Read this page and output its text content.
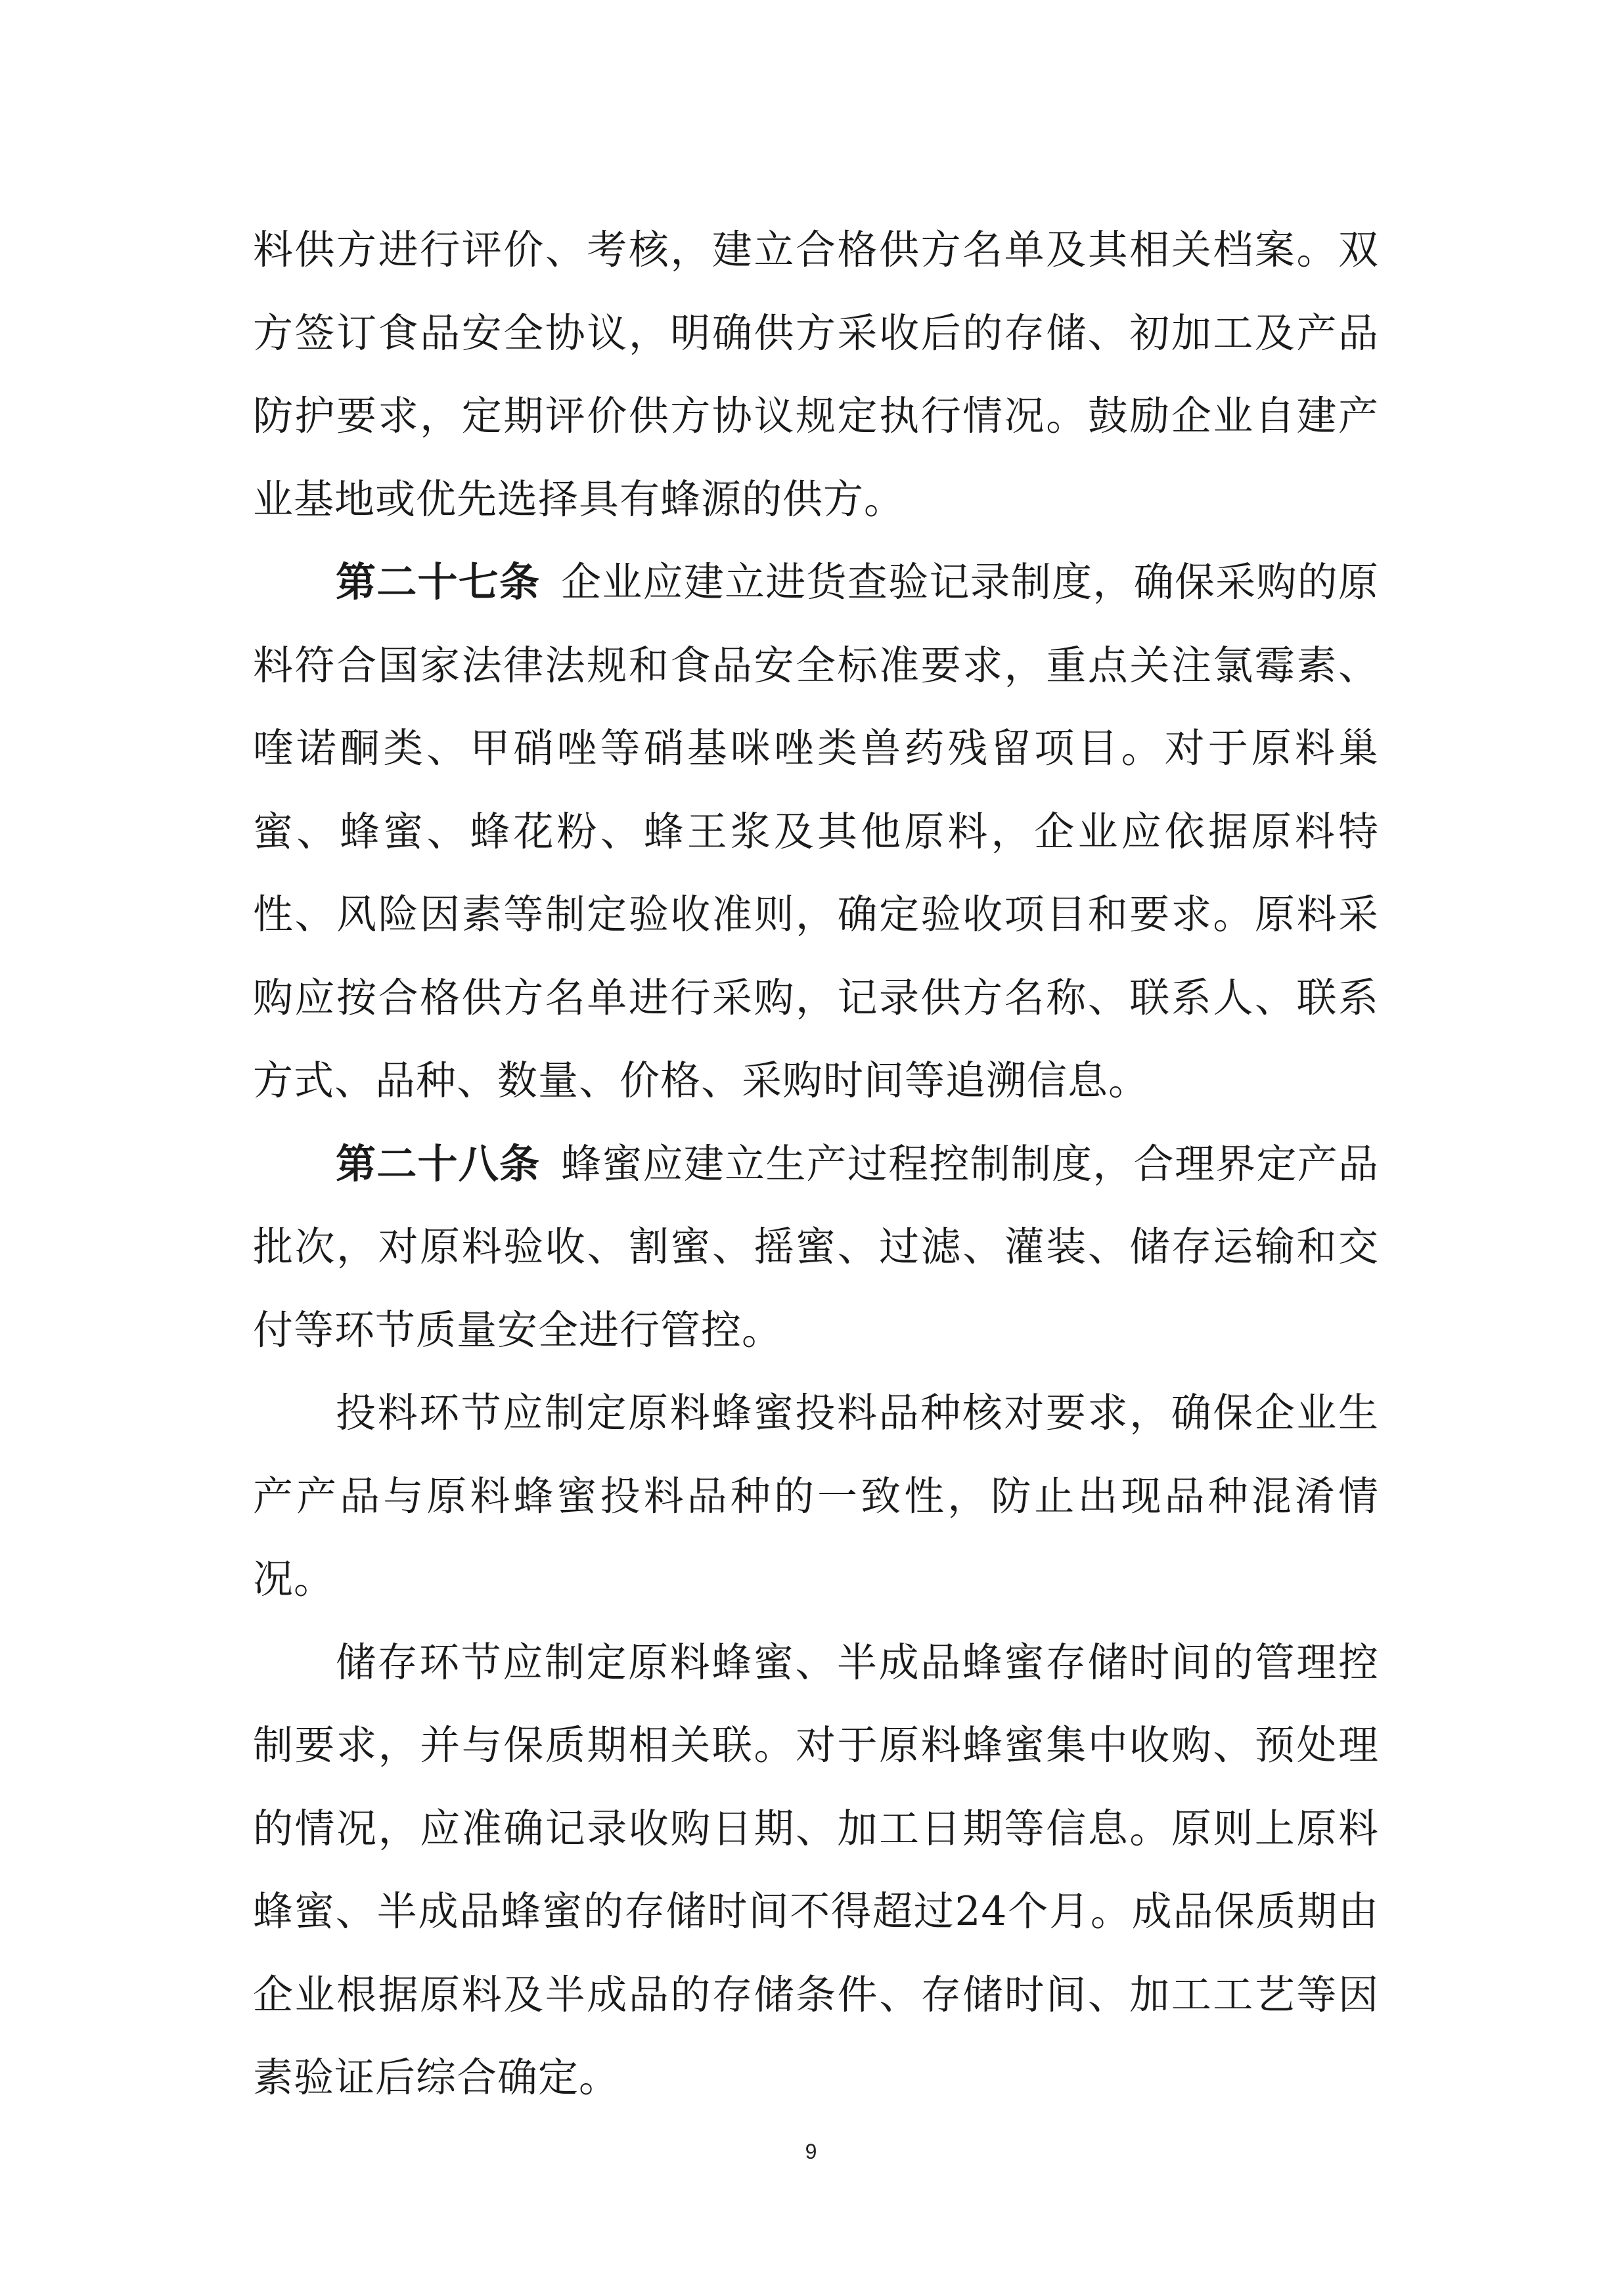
料供方进行评价、考核，建立合格供方名单及其相关档案。双方签订食品安全协议，明确供方采收后的存储、初加工及产品防护要求，定期评价供方协议规定执行情况。鼓励企业自建产业基地或优先选择具有蜂源的供方。

第二十七条  企业应建立进货查验记录制度，确保采购的原料符合国家法律法规和食品安全标准要求，重点关注氯霉素、喹诺酮类、甲硝唑等硝基咪唑类兽药残留项目。对于原料巢蜜、蜂蜜、蜂花粉、蜂王浆及其他原料，企业应依据原料特性、风险因素等制定验收准则，确定验收项目和要求。原料采购应按合格供方名单进行采购，记录供方名称、联系人、联系方式、品种、数量、价格、采购时间等追溯信息。

第二十八条  蜂蜜应建立生产过程控制制度，合理界定产品批次，对原料验收、割蜜、摇蜜、过滤、灌装、储存运输和交付等环节质量安全进行管控。

投料环节应制定原料蜂蜜投料品种核对要求，确保企业生产产品与原料蜂蜜投料品种的一致性，防止出现品种混淆情况。

储存环节应制定原料蜂蜜、半成品蜂蜜存储时间的管理控制要求，并与保质期相关联。对于原料蜂蜜集中收购、预处理的情况，应准确记录收购日期、加工日期等信息。原则上原料蜂蜜、半成品蜂蜜的存储时间不得超过24个月。成品保质期由企业根据原料及半成品的存储条件、存储时间、加工工艺等因素验证后综合确定。

9
